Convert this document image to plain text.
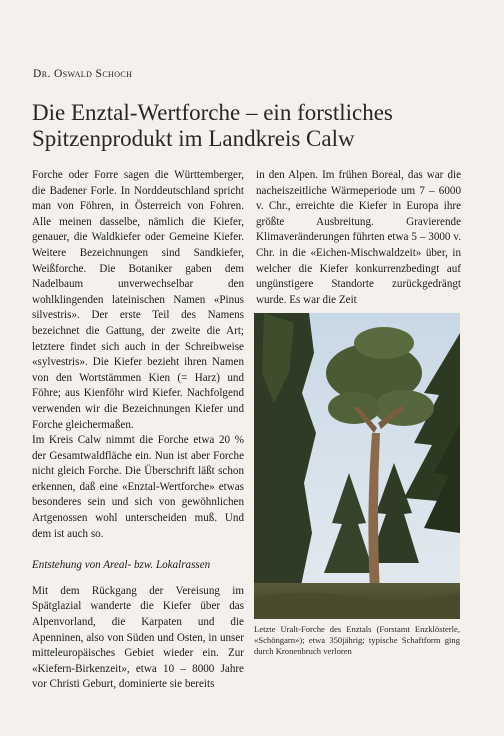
Dr. Oswald Schoch
Die Enztal-Wertforche – ein forstliches
Spitzenprodukt im Landkreis Calw

Forche oder Forre sagen die Württemberger, die Badener Forle. In Norddeutschland spricht man von Föhren, in Österreich von Fohren. Alle meinen dasselbe, nämlich die Kiefer, genauer, die Waldkiefer oder Gemeine Kiefer. Weitere Bezeichnungen sind Sandkiefer, Weißforche. Die Botaniker gaben dem Nadelbaum unverwechselbar den wohlklingenden lateinischen Namen «Pinus silvestris». Der erste Teil des Namens bezeichnet die Gattung, der zweite die Art; letztere findet sich auch in der Schreibweise «sylvestris». Die Kiefer bezieht ihren Namen von den Wortstämmen Kien (= Harz) und Föhre; aus Kienföhr wird Kiefer. Nachfolgend verwenden wir die Bezeichnungen Kiefer und Forche gleichermaßen.

Im Kreis Calw nimmt die Forche etwa 20 % der Gesamtwaldfläche ein. Nun ist aber Forche nicht gleich Forche. Die Überschrift läßt schon erkennen, daß eine «Enztal-Wertforche» etwas besonderes sein und sich von gewöhnlichen Artgenossen wohl unterscheiden muß. Und dem ist auch so.

Entstehung von Areal- bzw. Lokalrassen

Mit dem Rückgang der Vereisung im Spätglazial wanderte die Kiefer über das Alpenvorland, die Karpaten und die Apenninen, also von Süden und Osten, in unser mitteleuropäisches Gebiet wieder ein. Zur «Kiefern-Birkenzeit», etwa 10 – 8000 Jahre vor Christi Geburt, dominierte sie bereits

in den Alpen. Im frühen Boreal, das war die nacheiszeitliche Wärmeperiode um 7 – 6000 v. Chr., erreichte die Kiefer in Europa ihre größte Ausbreitung. Gravierende Klimaveränderungen führten etwa 5 – 3000 v. Chr. in die «Eichen-Mischwaldzeit» über, in welcher die Kiefer konkurrenzbedingt auf ungünstigere Standorte zurückgedrängt wurde. Es war die Zeit

Letzte Uralt-Forche des Enztals (Forstamt Enzklösterle, «Schöngarn»); etwa 350jährig; typische Schaftform ging durch Kronenbruch verloren
